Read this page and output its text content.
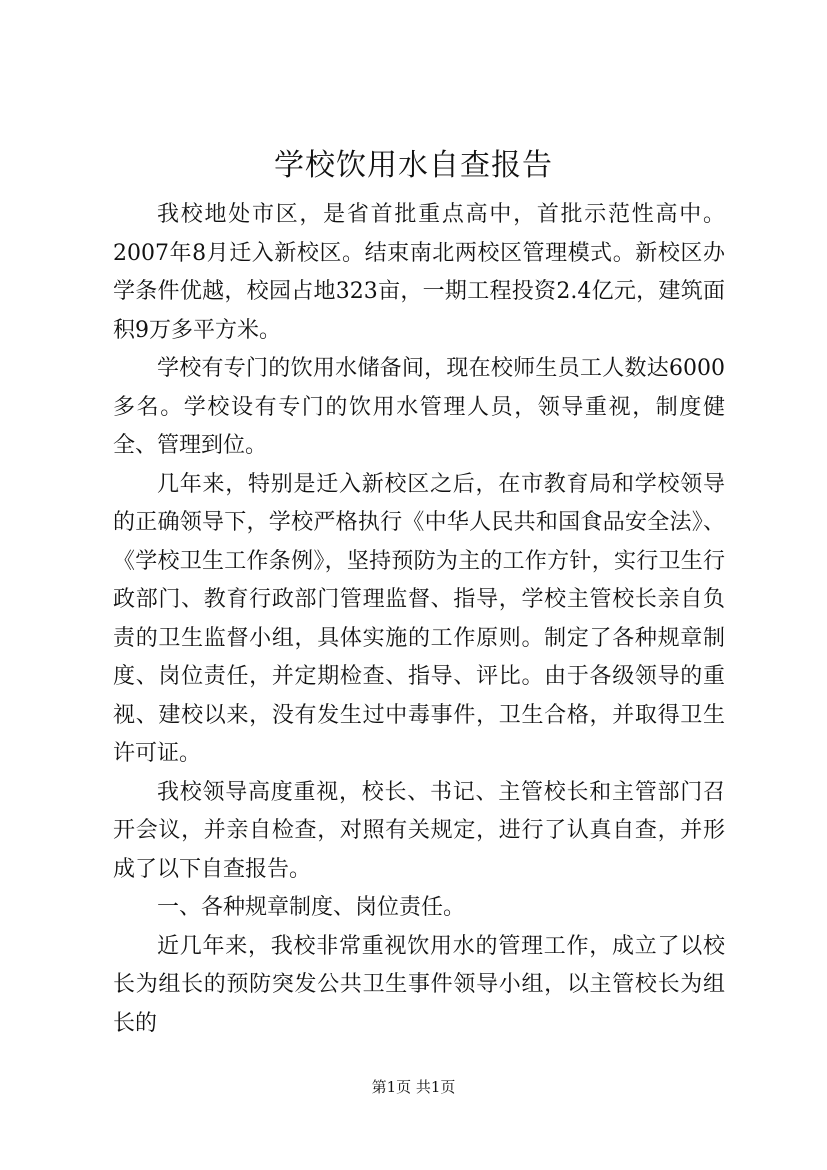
学校饮用水自查报告

我校地处市区，是省首批重点高中，首批示范性高中。2007年8月迁入新校区。结束南北两校区管理模式。新校区办学条件优越，校园占地323亩，一期工程投资2.4亿元，建筑面积9万多平方米。

学校有专门的饮用水储备间，现在校师生员工人数达6000多名。学校设有专门的饮用水管理人员，领导重视，制度健全、管理到位。

几年来，特别是迁入新校区之后，在市教育局和学校领导的正确领导下，学校严格执行《中华人民共和国食品安全法》、《学校卫生工作条例》，坚持预防为主的工作方针，实行卫生行政部门、教育行政部门管理监督、指导，学校主管校长亲自负责的卫生监督小组，具体实施的工作原则。制定了各种规章制度、岗位责任，并定期检查、指导、评比。由于各级领导的重视、建校以来，没有发生过中毒事件，卫生合格，并取得卫生许可证。

我校领导高度重视，校长、书记、主管校长和主管部门召开会议，并亲自检查，对照有关规定，进行了认真自查，并形成了以下自查报告。

一、各种规章制度、岗位责任。

近几年来，我校非常重视饮用水的管理工作，成立了以校长为组长的预防突发公共卫生事件领导小组，以主管校长为组长的

第1页 共1页
